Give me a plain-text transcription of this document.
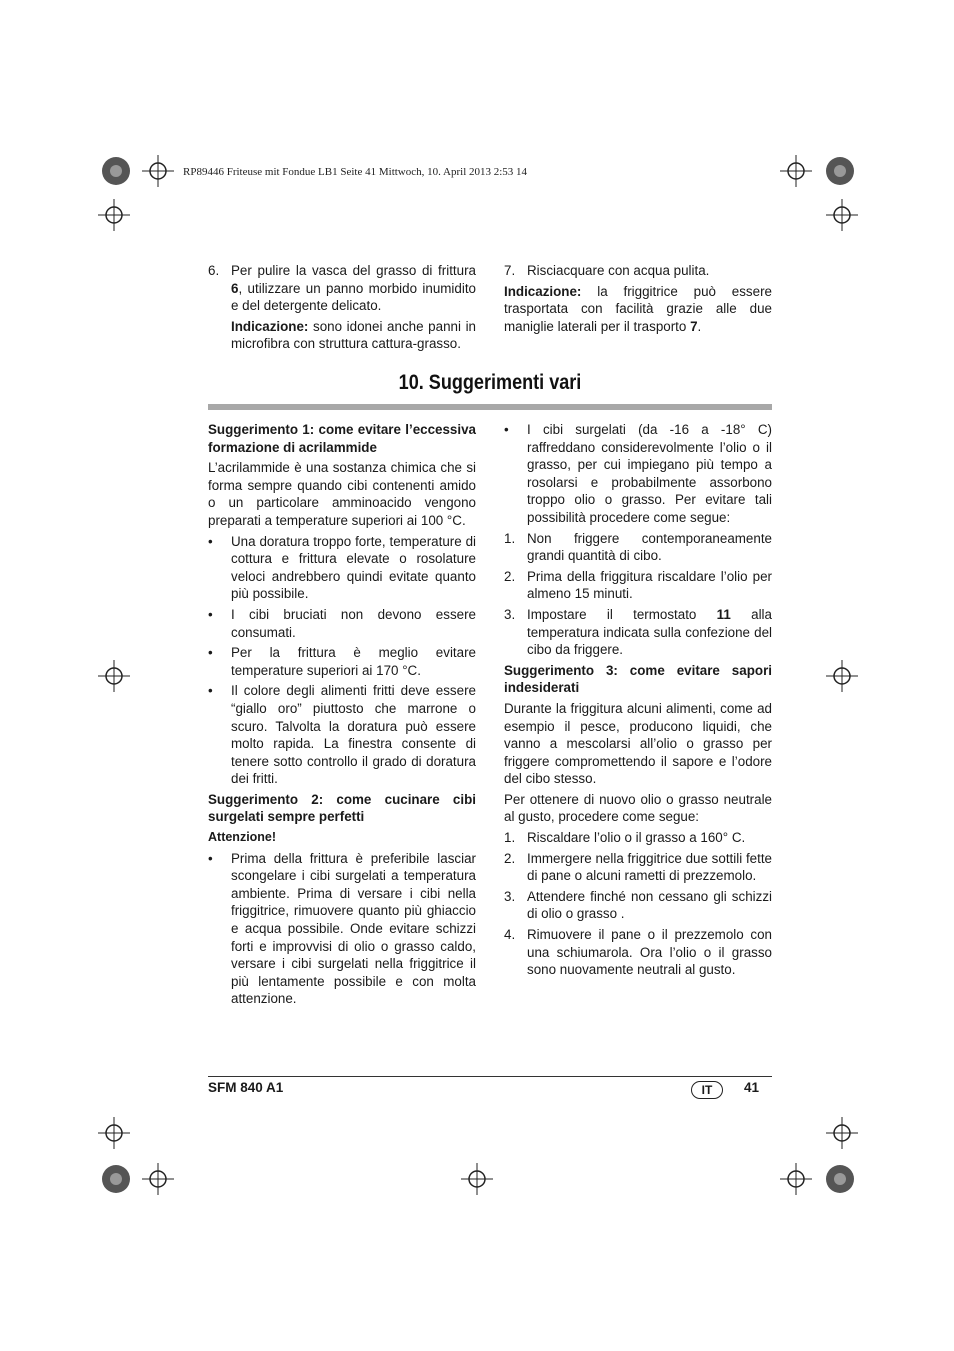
RP89446 Friteuse mit Fondue LB1 Seite 41 Mittwoch, 10. April 2013 2:53 14
6. Per pulire la vasca del grasso di frittura 6, utilizzare un panno morbido inumidito e del detergente delicato.

Indicazione: sono idonei anche panni in microfibra con struttura cattura-grasso.

7. Risciacquare con acqua pulita.

Indicazione: la friggitrice può essere trasportata con facilità grazie alle due maniglie laterali per il trasporto 7.

10. Suggerimenti vari

Suggerimento 1: come evitare l’eccessiva formazione di acrilammide

L’acrilammide è una sostanza chimica che si forma sempre quando cibi contenenti amido o un particolare amminoacido vengono preparati a temperature superiori ai 100 °C.

• Una doratura troppo forte, temperature di cottura e frittura elevate o rosolature veloci andrebbero quindi evitate quanto più possibile.
• I cibi bruciati non devono essere consumati.
• Per la frittura è meglio evitare temperature superiori ai 170 °C.
• Il colore degli alimenti fritti deve essere “giallo oro” piuttosto che marrone o scuro. Talvolta la doratura può essere molto rapida. La finestra consente di tenere sotto controllo il grado di doratura dei fritti.

Suggerimento 2: come cucinare cibi surgelati sempre perfetti

Attenzione!

• Prima della frittura è preferibile lasciar scongelare i cibi surgelati a temperatura ambiente. Prima di versare i cibi nella friggitrice, rimuovere quanto più ghiaccio e acqua possibile. Onde evitare schizzi forti e improvvisi di olio o grasso caldo, versare i cibi surgelati nella friggitrice il più lentamente possibile e con molta attenzione.
• I cibi surgelati (da -16 a -18° C) raffreddano considerevolmente l’olio o il grasso, per cui impiegano più tempo a rosolarsi e probabilmente assorbono troppo olio o grasso. Per evitare tali possibilità procedere come segue:
1. Non friggere contemporaneamente grandi quantità di cibo.
2. Prima della friggitura riscaldare l’olio per almeno 15 minuti.
3. Impostare il termostato 11 alla temperatura indicata sulla confezione del cibo da friggere.

Suggerimento 3: come evitare sapori indesiderati

Durante la friggitura alcuni alimenti, come ad esempio il pesce, producono liquidi, che vanno a mescolarsi all’olio o grasso per friggere compromettendo il sapore e l’odore del cibo stesso.

Per ottenere di nuovo olio o grasso neutrale al gusto, procedere come segue:

1. Riscaldare l’olio o il grasso a 160° C.
2. Immergere nella friggitrice due sottili fette di pane o alcuni rametti di prezzemolo.
3. Attendere finché non cessano gli schizzi di olio o grasso .
4. Rimuovere il pane o il prezzemolo con una schiumarola. Ora l’olio o il grasso sono nuovamente neutrali al gusto.
SFM 840 A1	IT	41
